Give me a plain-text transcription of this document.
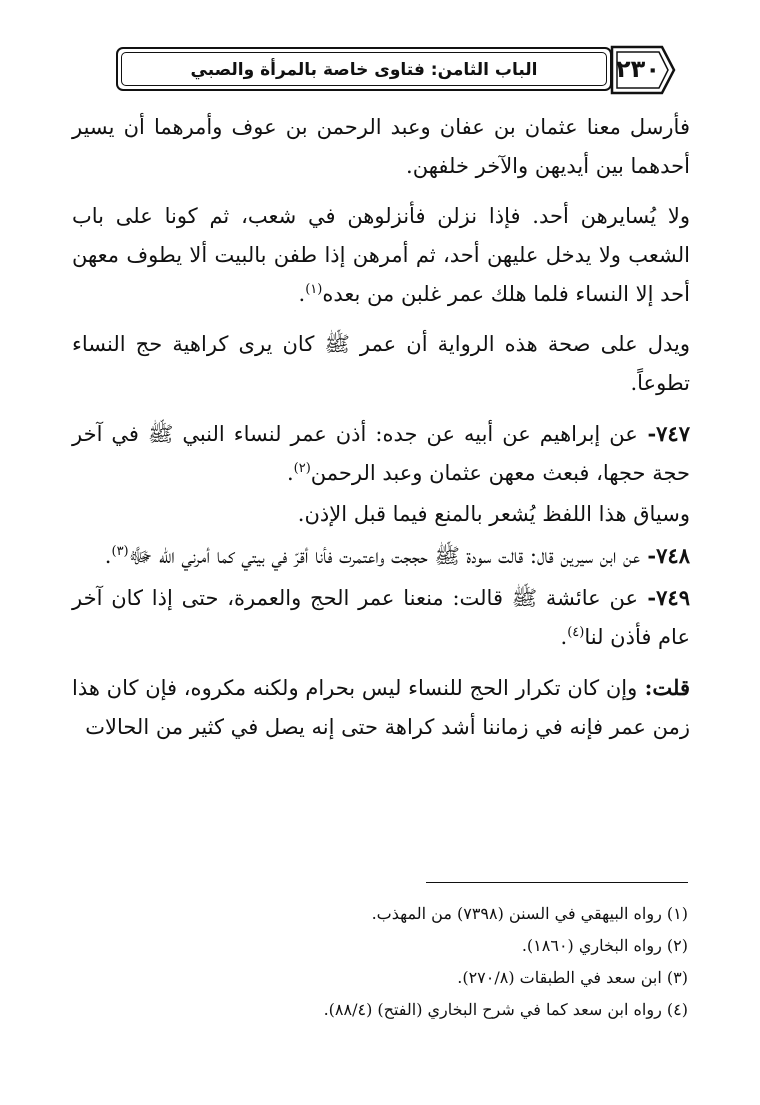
٢٣٠
الباب الثامن: فتاوى خاصة بالمرأة والصبي

فأرسل معنا عثمان بن عفان وعبد الرحمن بن عوف وأمرهما أن يسير أحدهما بين أيديهن والآخر خلفهن.

ولا يُسايرهن أحد. فإذا نزلن فأنزلوهن في شعب، ثم كونا على باب الشعب ولا يدخل عليهن أحد، ثم أمرهن إذا طفن بالبيت ألا يطوف معهن أحد إلا النساء فلما هلك عمر غلبن من بعده$^{(١)}$.

ويدل على صحة هذه الرواية أن عمر ﷺ كان يرى كراهية حج النساء تطوعاً.

٧٤٧- عن إبراهيم عن أبيه عن جده: أذن عمر لنساء النبي ﷺ في آخر حجة حجها، فبعث معهن عثمان وعبد الرحمن$^{(٢)}$.

وسياق هذا اللفظ يُشعر بالمنع فيما قبل الإذن.

٧٤٨- عن ابن سيرين قال: قالت سودة ﷺ حججت واعتمرت فأنا أقرّ في بيتي كما أمرني الله ﷻ$^{(٣)}$.

٧٤٩- عن عائشة ﷺ قالت: منعنا عمر الحج والعمرة، حتى إذا كان آخر عام فأذن لنا$^{(٤)}$.

قلت: وإن كان تكرار الحج للنساء ليس بحرام ولكنه مكروه، فإن كان هذا زمن عمر فإنه في زماننا أشد كراهة حتى إنه يصل في كثير من الحالات

(١) رواه البيهقي في السنن (٧٣٩٨) من المهذب.
(٢) رواه البخاري (١٨٦٠).
(٣) ابن سعد في الطبقات (٢٧٠/٨).
(٤) رواه ابن سعد كما في شرح البخاري (الفتح) (٨٨/٤).
